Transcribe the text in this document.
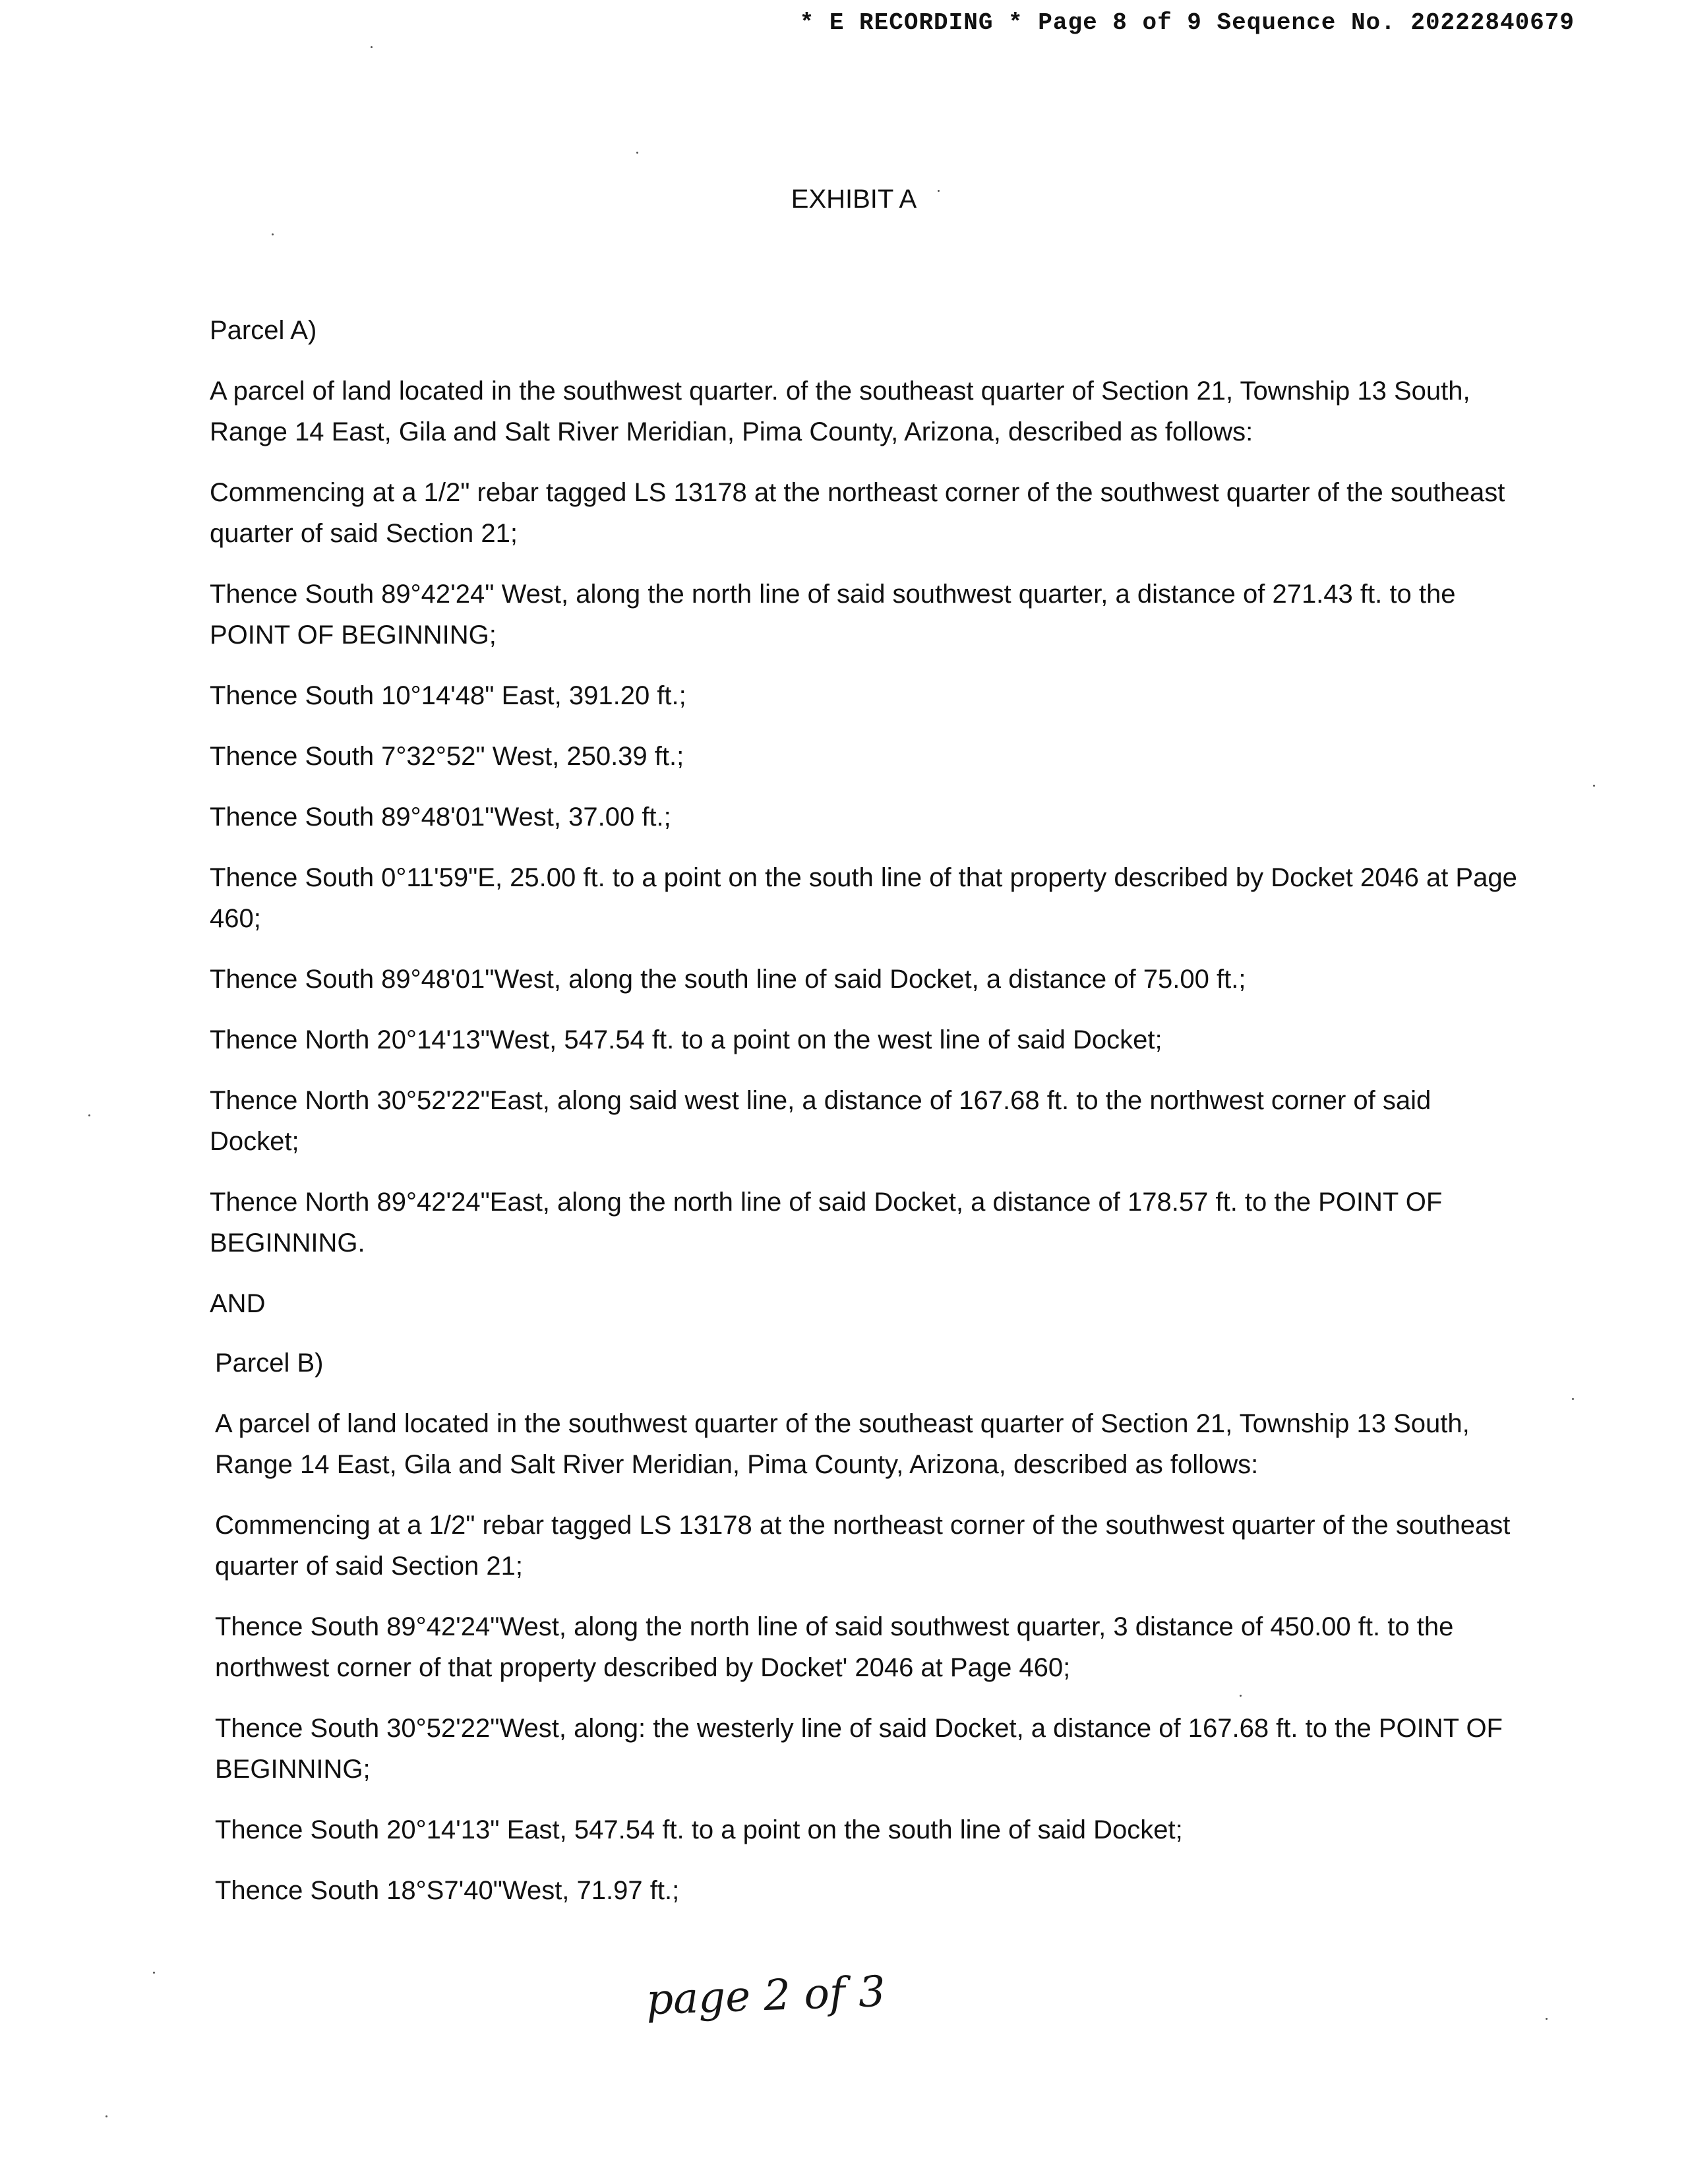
* E RECORDING * Page 8 of 9 Sequence No. 20222840679
EXHIBIT A

Parcel A)

A parcel of land located in the southwest quarter. of the southeast quarter of Section 21, Township 13 South, Range 14 East, Gila and Salt River Meridian, Pima County, Arizona, described as follows:

Commencing at a 1/2" rebar tagged LS 13178 at the northeast corner of the southwest quarter of the southeast quarter of said Section 21;

Thence South 89°42'24" West, along the north line of said southwest quarter, a distance of 271.43 ft. to the POINT OF BEGINNING;

Thence South 10°14'48" East, 391.20 ft.;

Thence South 7°32°52" West, 250.39 ft.;

Thence South 89°48'01"West, 37.00 ft.;

Thence South 0°11'59"E, 25.00 ft. to a point on the south line of that property described by Docket 2046 at Page 460;

Thence South 89°48'01"West, along the south line of said Docket, a distance of 75.00 ft.;

Thence North 20°14'13"West, 547.54 ft. to a point on the west line of said Docket;

Thence North 30°52'22"East, along said west line, a distance of 167.68 ft. to the northwest corner of said Docket;

Thence North 89°42'24"East, along the north line of said Docket, a distance of 178.57 ft. to the POINT OF BEGINNING.

AND

Parcel B)

A parcel of land located in the southwest quarter of the southeast quarter of Section 21, Township 13 South, Range 14 East, Gila and Salt River Meridian, Pima County, Arizona, described as follows:

Commencing at a 1/2" rebar tagged LS 13178 at the northeast corner of the southwest quarter of the southeast quarter of said Section 21;

Thence South 89°42'24"West, along the north line of said southwest quarter, 3 distance of 450.00 ft. to the northwest corner of that property described by Docket' 2046 at Page 460;

Thence South 30°52'22"West, along: the westerly line of said Docket, a distance of 167.68 ft. to the POINT OF BEGINNING;

Thence South 20°14'13" East, 547.54 ft. to a point on the south line of said Docket;

Thence South 18°S7'40"West, 71.97 ft.;

page 2 of 3
